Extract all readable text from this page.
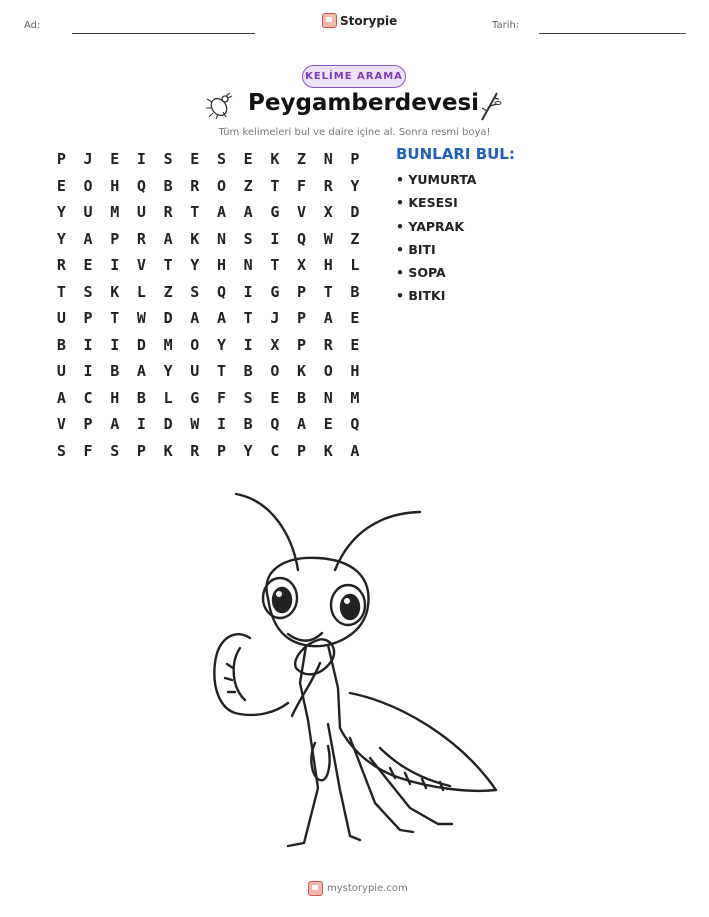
Ad:	Storypie	Tarih:
KELİME ARAMA
Peygamberdevesi
Tüm kelimeleri bul ve daire içine al. Sonra resmi boya!
P	J	E	I	S	E	S	E	K	Z	N	P
E	O	H	Q	B	R	O	Z	T	F	R	Y
Y	U	M	U	R	T	A	A	G	V	X	D
Y	A	P	R	A	K	N	S	I	Q	W	Z
R	E	I	V	T	Y	H	N	T	X	H	L
T	S	K	L	Z	S	Q	I	G	P	T	B
U	P	T	W	D	A	A	T	J	P	A	E
B	I	I	D	M	O	Y	I	X	P	R	E
U	I	B	A	Y	U	T	B	O	K	O	H
A	C	H	B	L	G	F	S	E	B	N	M
V	P	A	I	D	W	I	B	Q	A	E	Q
S	F	S	P	K	R	P	Y	C	P	K	A
BUNLARI BUL:
• YUMURTA
• KESESI
• YAPRAK
• BITI
• SOPA
• BITKI
mystorypie.com
